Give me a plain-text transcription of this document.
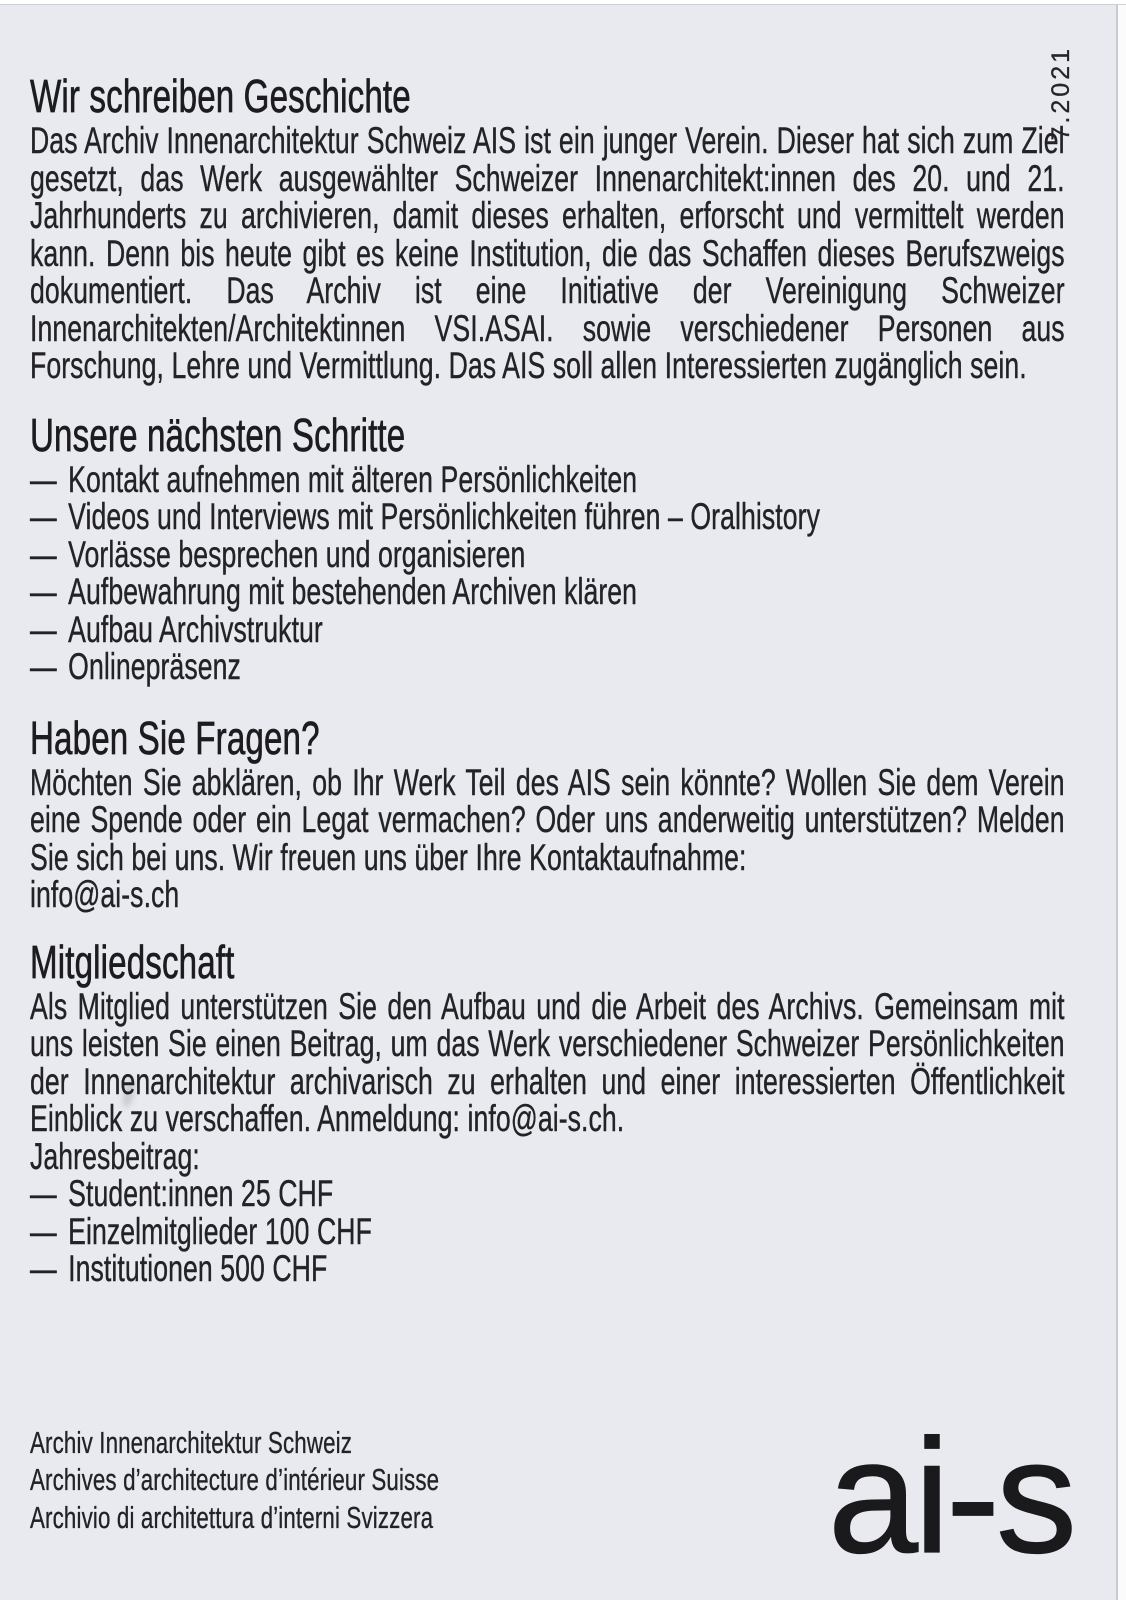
7.2021
Wir schreiben Geschichte

Das Archiv Innenarchitektur Schweiz AIS ist ein junger Verein. Dieser hat sich zum Ziel gesetzt, das Werk ausgewählter Schweizer Innenarchitekt:innen des 20. und 21. Jahrhunderts zu archivieren, damit dieses erhalten, erforscht und vermittelt werden kann. Denn bis heute gibt es keine Institution, die das Schaffen dieses Berufszweigs dokumentiert. Das Archiv ist eine Initiative der Vereinigung Schweizer Innenarchitekten/Architektinnen VSI.ASAI. sowie verschiedener Personen aus Forschung, Lehre und Vermittlung. Das AIS soll allen Interessierten zugänglich sein.

Unsere nächsten Schritte
— Kontakt aufnehmen mit älteren Persönlichkeiten
— Videos und Interviews mit Persönlichkeiten führen – Oralhistory
— Vorlässe besprechen und organisieren
— Aufbewahrung mit bestehenden Archiven klären
— Aufbau Archivstruktur
— Onlinepräsenz
Haben Sie Fragen?

Möchten Sie abklären, ob Ihr Werk Teil des AIS sein könnte? Wollen Sie dem Verein eine Spende oder ein Legat vermachen? Oder uns anderweitig unterstützen? Melden Sie sich bei uns. Wir freuen uns über Ihre Kontaktaufnahme:

info@ai-s.ch
Mitgliedschaft

Als Mitglied unterstützen Sie den Aufbau und die Arbeit des Archivs. Gemeinsam mit uns leisten Sie einen Beitrag, um das Werk verschiedener Schweizer Persönlichkeiten der Innenarchitektur archivarisch zu erhalten und einer interessierten Öffentlichkeit Einblick zu verschaffen. Anmeldung: info@ai-s.ch.

Jahresbeitrag:
— Student:innen 25 CHF
— Einzelmitglieder 100 CHF
— Institutionen 500 CHF
Archiv Innenarchitektur Schweiz
Archives d’architecture d’intérieur Suisse
Archivio di architettura d’interni Svizzera	ai-s
